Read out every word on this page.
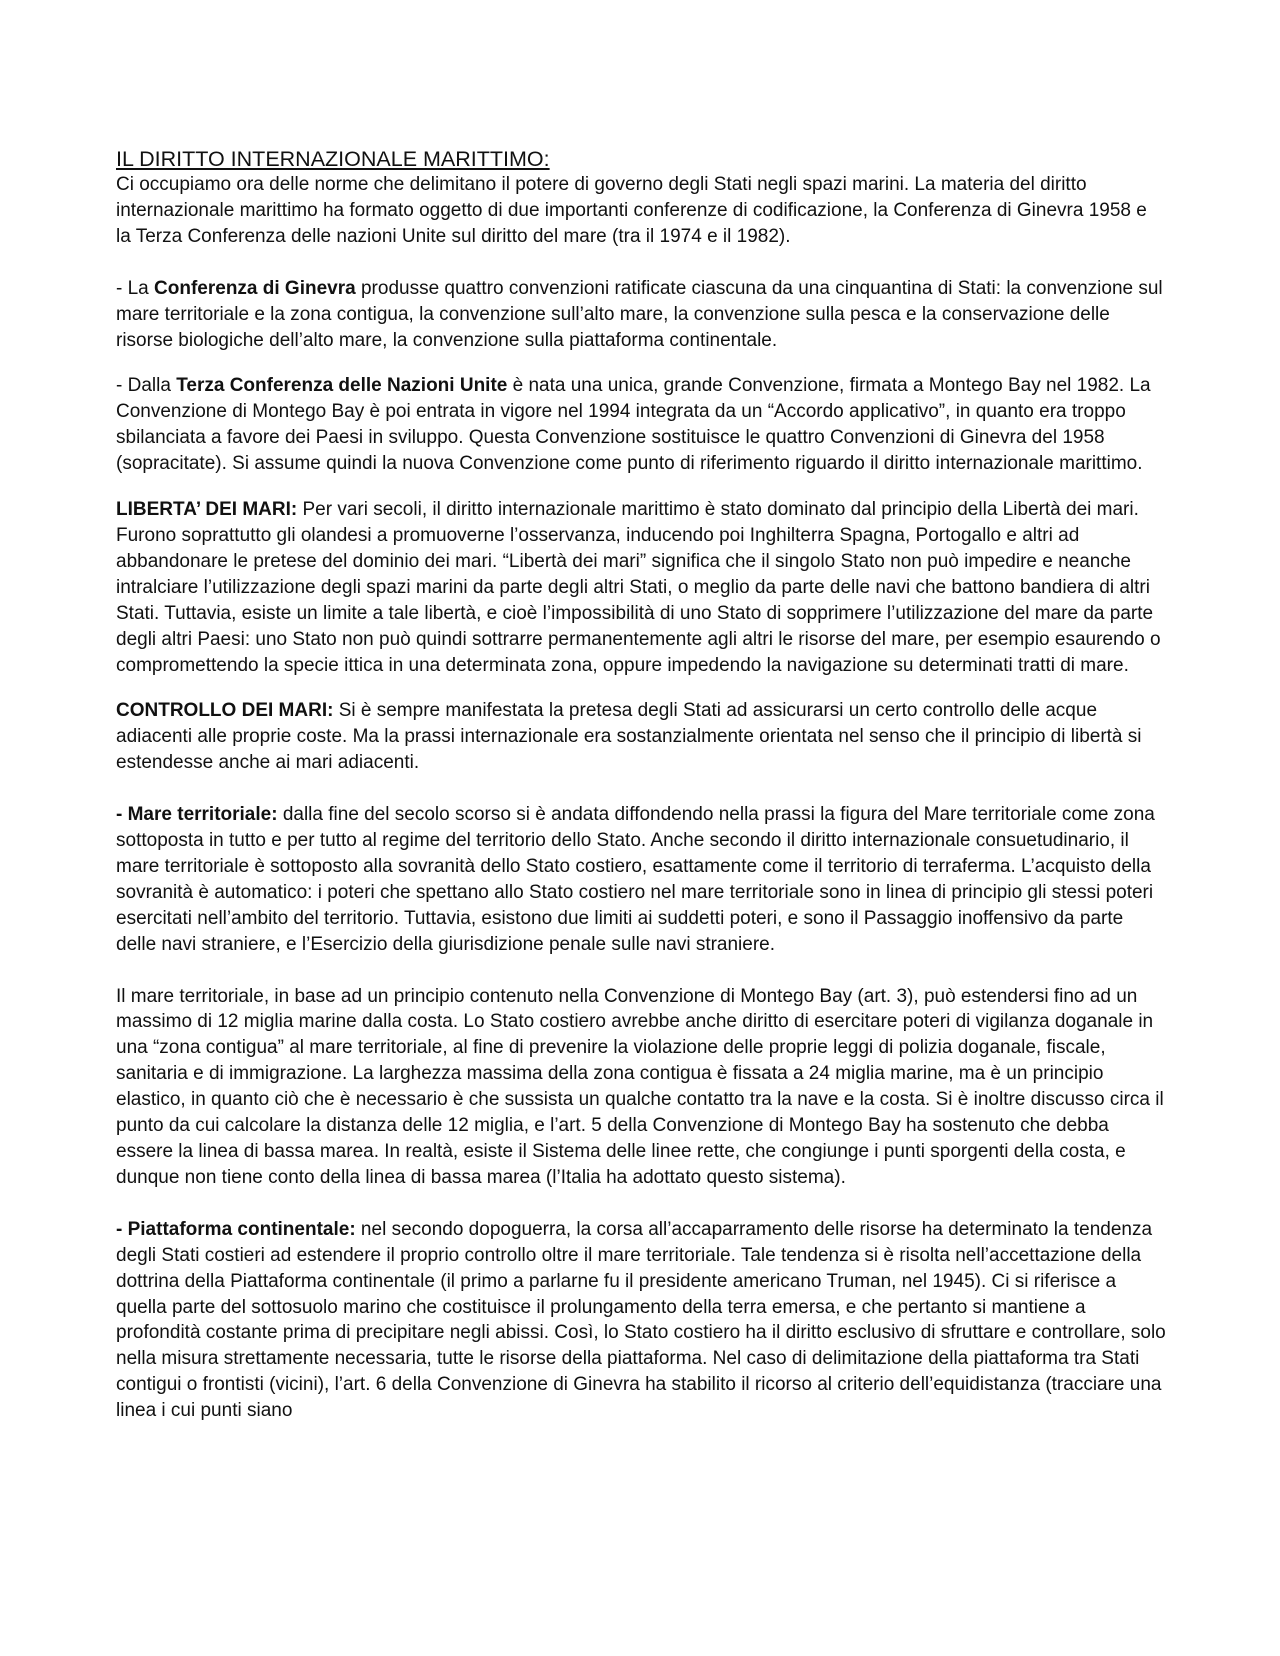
IL DIRITTO INTERNAZIONALE MARITTIMO:

Ci occupiamo ora delle norme che delimitano il potere di governo degli Stati negli spazi marini. La materia del diritto internazionale marittimo ha formato oggetto di due importanti conferenze di codificazione, la Conferenza di Ginevra 1958 e la Terza Conferenza delle nazioni Unite sul diritto del mare (tra il 1974 e il 1982).

- La Conferenza di Ginevra produsse quattro convenzioni ratificate ciascuna da una cinquantina di Stati: la convenzione sul mare territoriale e la zona contigua, la convenzione sull’alto mare, la convenzione sulla pesca e la conservazione delle risorse biologiche dell’alto mare, la convenzione sulla piattaforma continentale.

- Dalla Terza Conferenza delle Nazioni Unite è nata una unica, grande Convenzione, firmata a Montego Bay nel 1982. La Convenzione di Montego Bay è poi entrata in vigore nel 1994 integrata da un “Accordo applicativo”, in quanto era troppo sbilanciata a favore dei Paesi in sviluppo. Questa Convenzione sostituisce le quattro Convenzioni di Ginevra del 1958 (sopracitate). Si assume quindi la nuova Convenzione come punto di riferimento riguardo il diritto internazionale marittimo.

LIBERTA’ DEI MARI: Per vari secoli, il diritto internazionale marittimo è stato dominato dal principio della Libertà dei mari. Furono soprattutto gli olandesi a promuoverne l’osservanza, inducendo poi Inghilterra Spagna, Portogallo e altri ad abbandonare le pretese del dominio dei mari. “Libertà dei mari” significa che il singolo Stato non può impedire e neanche intralciare l’utilizzazione degli spazi marini da parte degli altri Stati, o meglio da parte delle navi che battono bandiera di altri Stati. Tuttavia, esiste un limite a tale libertà, e cioè l’impossibilità di uno Stato di sopprimere l’utilizzazione del mare da parte degli altri Paesi: uno Stato non può quindi sottrarre permanentemente agli altri le risorse del mare, per esempio esaurendo o compromettendo la specie ittica in una determinata zona, oppure impedendo la navigazione su determinati tratti di mare.

CONTROLLO DEI MARI: Si è sempre manifestata la pretesa degli Stati ad assicurarsi un certo controllo delle acque adiacenti alle proprie coste. Ma la prassi internazionale era sostanzialmente orientata nel senso che il principio di libertà si estendesse anche ai mari adiacenti.

- Mare territoriale: dalla fine del secolo scorso si è andata diffondendo nella prassi la figura del Mare territoriale come zona sottoposta in tutto e per tutto al regime del territorio dello Stato. Anche secondo il diritto internazionale consuetudinario, il mare territoriale è sottoposto alla sovranità dello Stato costiero, esattamente come il territorio di terraferma. L’acquisto della sovranità è automatico: i poteri che spettano allo Stato costiero nel mare territoriale sono in linea di principio gli stessi poteri esercitati nell’ambito del territorio. Tuttavia, esistono due limiti ai suddetti poteri, e sono il Passaggio inoffensivo da parte delle navi straniere, e l’Esercizio della giurisdizione penale sulle navi straniere.

Il mare territoriale, in base ad un principio contenuto nella Convenzione di Montego Bay (art. 3), può estendersi fino ad un massimo di 12 miglia marine dalla costa. Lo Stato costiero avrebbe anche diritto di esercitare poteri di vigilanza doganale in una “zona contigua” al mare territoriale, al fine di prevenire la violazione delle proprie leggi di polizia doganale, fiscale, sanitaria e di immigrazione. La larghezza massima della zona contigua è fissata a 24 miglia marine, ma è un principio elastico, in quanto ciò che è necessario è che sussista un qualche contatto tra la nave e la costa. Si è inoltre discusso circa il punto da cui calcolare la distanza delle 12 miglia, e l’art. 5 della Convenzione di Montego Bay ha sostenuto che debba essere la linea di bassa marea. In realtà, esiste il Sistema delle linee rette, che congiunge i punti sporgenti della costa, e dunque non tiene conto della linea di bassa marea (l’Italia ha adottato questo sistema).

- Piattaforma continentale: nel secondo dopoguerra, la corsa all’accaparramento delle risorse ha determinato la tendenza degli Stati costieri ad estendere il proprio controllo oltre il mare territoriale. Tale tendenza si è risolta nell’accettazione della dottrina della Piattaforma continentale (il primo a parlarne fu il presidente americano Truman, nel 1945). Ci si riferisce a quella parte del sottosuolo marino che costituisce il prolungamento della terra emersa, e che pertanto si mantiene a profondità costante prima di precipitare negli abissi. Così, lo Stato costiero ha il diritto esclusivo di sfruttare e controllare, solo nella misura strettamente necessaria, tutte le risorse della piattaforma. Nel caso di delimitazione della piattaforma tra Stati contigui o frontisti (vicini), l’art. 6 della Convenzione di Ginevra ha stabilito il ricorso al criterio dell’equidistanza (tracciare una linea i cui punti siano
